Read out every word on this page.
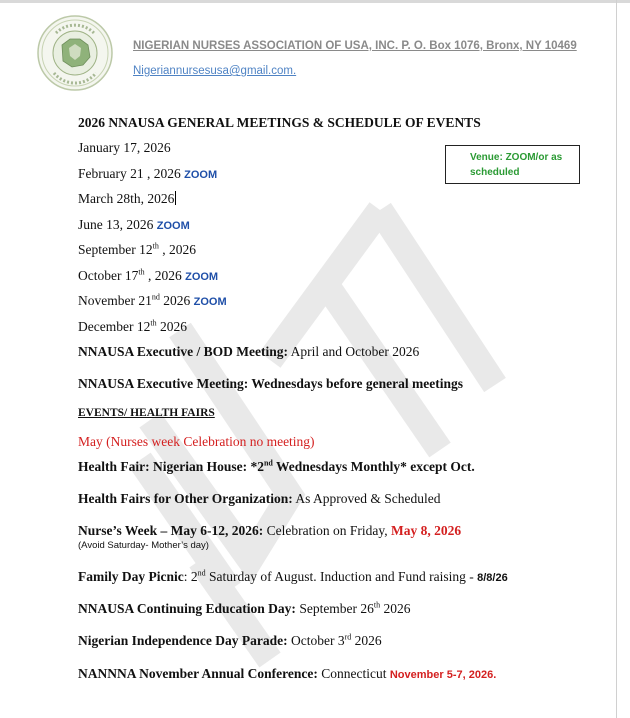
NIGERIAN NURSES ASSOCIATION OF USA, INC. P. O. Box 1076, Bronx, NY 10469
Nigeriannursesusa@gmail.com.
Venue: ZOOM/or as
scheduled
2026 NNAUSA GENERAL MEETINGS & SCHEDULE OF EVENTS
January 17, 2026
February 21 , 2026 ZOOM
March 28th, 2026
June 13, 2026 ZOOM
September 12th , 2026
October 17th , 2026 ZOOM
November 21nd 2026 ZOOM
December 12th 2026
NNAUSA Executive / BOD Meeting: April and October 2026
NNAUSA Executive Meeting: Wednesdays before general meetings
EVENTS/ HEALTH FAIRS
May (Nurses week Celebration no meeting)
Health Fair: Nigerian House: *2nd Wednesdays Monthly* except Oct.
Health Fairs for Other Organization: As Approved & Scheduled
Nurse’s Week – May 6-12, 2026: Celebration on Friday, May 8, 2026
(Avoid Saturday- Mother’s day)
Family Day Picnic: 2nd Saturday of August. Induction and Fund raising - 8/8/26
NNAUSA Continuing Education Day: September 26th 2026
Nigerian Independence Day Parade: October 3rd 2026
NANNNA November Annual Conference: Connecticut November 5-7, 2026.
